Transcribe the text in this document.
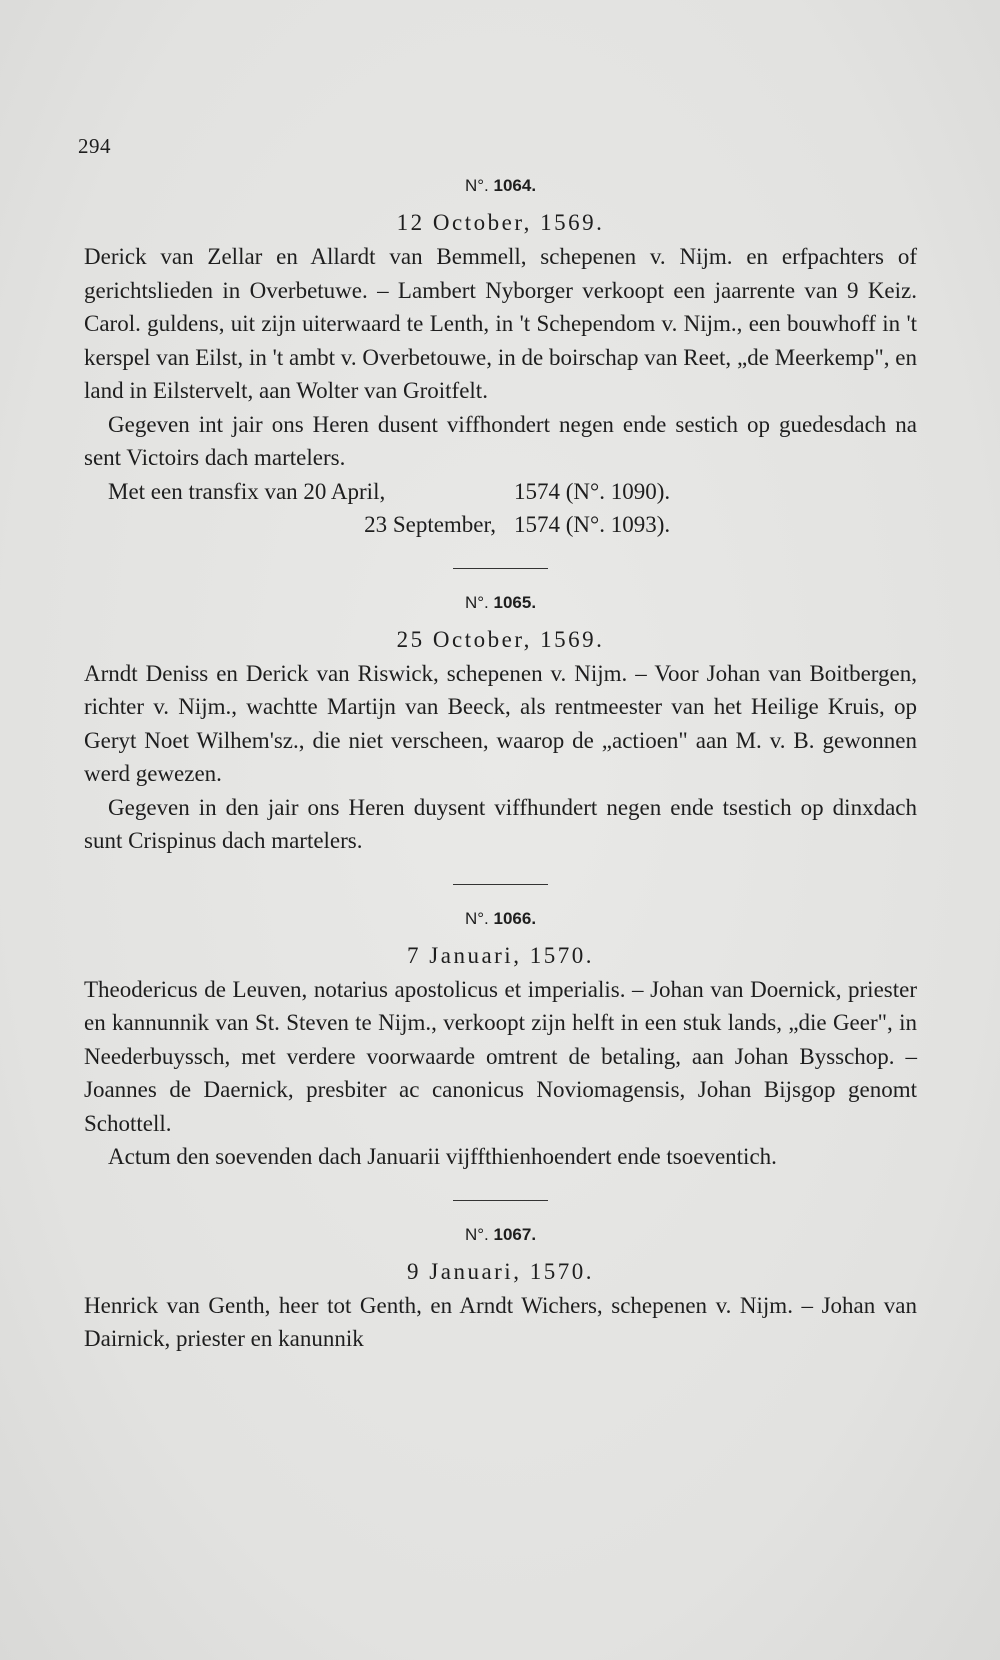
294
N°. 1064.
12 October, 1569.

Derick van Zellar en Allardt van Bemmell, schepenen v. Nijm. en erfpachters of gerichtslieden in Overbetuwe. – Lambert Nyborger verkoopt een jaarrente van 9 Keiz. Carol. guldens, uit zijn uiterwaard te Lenth, in 't Schependom v. Nijm., een bouwhoff in 't kerspel van Eilst, in 't ambt v. Overbetouwe, in de boirschap van Reet, „de Meerkemp", en land in Eilstervelt, aan Wolter van Groitfelt.

Gegeven int jair ons Heren dusent viffhondert negen ende sestich op guedesdach na sent Victoirs dach martelers.

Met een transfix van 20 April,	1574 (N°. 1090).
23 September, 1574 (N°. 1093).
N°. 1065.
25 October, 1569.

Arndt Deniss en Derick van Riswick, schepenen v. Nijm. – Voor Johan van Boitbergen, richter v. Nijm., wachtte Martijn van Beeck, als rentmeester van het Heilige Kruis, op Geryt Noet Wilhem'sz., die niet verscheen, waarop de „actioen" aan M. v. B. gewonnen werd gewezen.

Gegeven in den jair ons Heren duysent viffhundert negen ende tsestich op dinxdach sunt Crispinus dach martelers.

N°. 1066.
7 Januari, 1570.

Theodericus de Leuven, notarius apostolicus et imperialis. – Johan van Doernick, priester en kannunnik van St. Steven te Nijm., verkoopt zijn helft in een stuk lands, „die Geer", in Neederbuyssch, met verdere voorwaarde omtrent de betaling, aan Johan Bysschop. – Joannes de Daernick, presbiter ac canonicus Noviomagensis, Johan Bijsgop genomt Schottell.

Actum den soevenden dach Januarii vijffthienhoendert ende tsoeventich.

N°. 1067.
9 Januari, 1570.

Henrick van Genth, heer tot Genth, en Arndt Wichers, schepenen v. Nijm. – Johan van Dairnick, priester en kanunnik
